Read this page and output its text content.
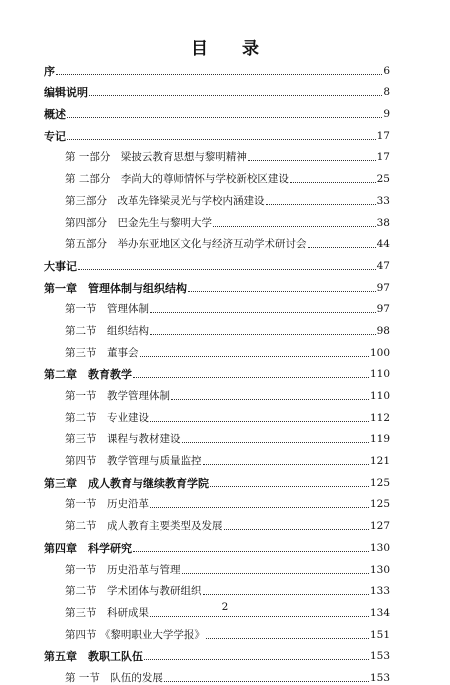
目 录
序	6
编辑说明	8
概述	9
专记	17
第 一部分　梁披云教育思想与黎明精神	17
第 二部分　李尚大的尊师情怀与学校新校区建设	25
第三部分　改革先锋梁灵光与学校内涵建设	33
第四部分　巴金先生与黎明大学	38
第五部分　举办东亚地区文化与经济互动学术研讨会	44
大事记	47
第一章　管理体制与组织结构	97
第一节　管理体制	97
第二节　组织结构	98
第三节　董事会	100
第二章　教育教学	110
第一节　教学管理体制	110
第二节　专业建设	112
第三节　课程与教材建设	119
第四节　教学管理与质量监控	121
第三章　成人教育与继续教育学院	125
第一节　历史沿革	125
第二节　成人教育主要类型及发展	127
第四章　科学研究	130
第一节　历史沿革与管理	130
第二节　学术团体与教研组织	133
第三节　科研成果	134
第四节 《黎明职业大学学报》	151
第五章　教职工队伍	153
第 一节　队伍的发展	153
2
